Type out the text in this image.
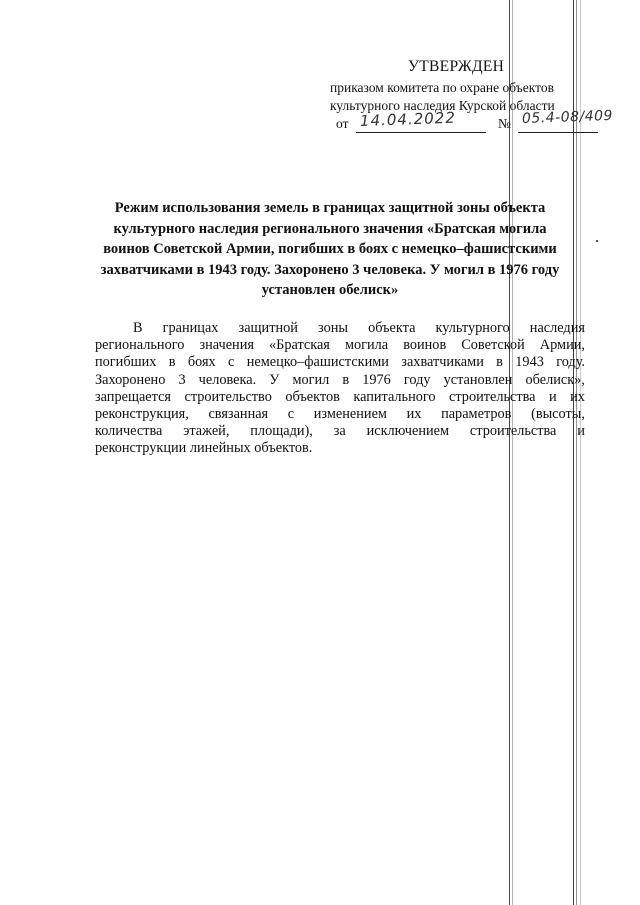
УТВЕРЖДЕН
приказом комитета по охране объектов
культурного наследия Курской области
от 14.04.2022	№ 05.4-08/409
Режим использования земель в границах защитной зоны объекта
культурного наследия регионального значения «Братская могила
воинов Советской Армии, погибших в боях с немецко–фашистскими
захватчиками в 1943 году. Захоронено 3 человека. У могил в 1976 году
установлен обелиск»
В границах защитной зоны объекта культурного наследия
регионального значения «Братская могила воинов Советской Армии,
погибших в боях с немецко–фашистскими захватчиками в 1943 году.
Захоронено 3 человека. У могил в 1976 году установлен обелиск»,
запрещается строительство объектов капитального строительства и их
реконструкция, связанная с изменением их параметров (высоты,
количества этажей, площади), за исключением строительства и
реконструкции линейных объектов.
